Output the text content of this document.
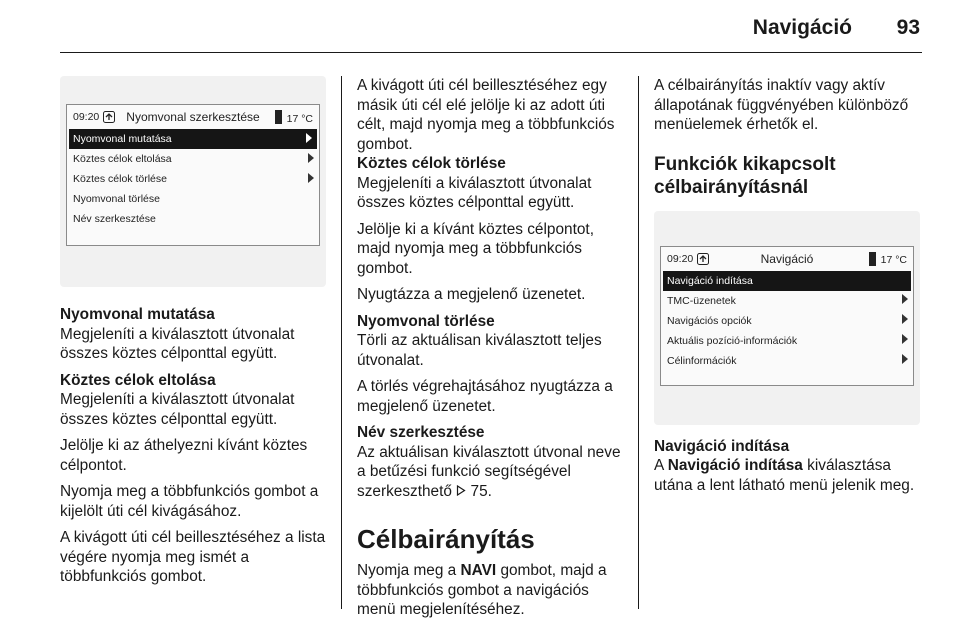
Navigáció 93
09:20	Nyomvonal szerkesztése	17 °C
Nyomvonal mutatása
Köztes célok eltolása
Köztes célok törlése
Nyomvonal törlése
Név szerkesztése

Nyomvonal mutatása

Megjeleníti a kiválasztott útvonalat összes köztes célponttal együtt.

Köztes célok eltolása

Megjeleníti a kiválasztott útvonalat összes köztes célponttal együtt.

Jelölje ki az áthelyezni kívánt köztes célpontot.

Nyomja meg a többfunkciós gombot a kijelölt úti cél kivágásához.

A kivágott úti cél beillesztéséhez a lista végére nyomja meg ismét a többfunkciós gombot.

A kivágott úti cél beillesztéséhez egy másik úti cél elé jelölje ki az adott úti célt, majd nyomja meg a többfunkciós gombot.

Köztes célok törlése

Megjeleníti a kiválasztott útvonalat összes köztes célponttal együtt.

Jelölje ki a kívánt köztes célpontot, majd nyomja meg a többfunkciós gombot.

Nyugtázza a megjelenő üzenetet.

Nyomvonal törlése

Törli az aktuálisan kiválasztott teljes útvonalat.

A törlés végrehajtásához nyugtázza a megjelenő üzenetet.

Név szerkesztése

Az aktuálisan kiválasztott útvonal neve a betűzési funkció segítségével szerkeszthető 75.

Célbairányítás

Nyomja meg a NAVI gombot, majd a többfunkciós gombot a navigációs menü megjelenítéséhez.

A célbairányítás inaktív vagy aktív állapotának függvényében különböző menüelemek érhetők el.

Funkciók kikapcsolt célbairányításnál
09:20	Navigáció	17 °C
Navigáció indítása
TMC-üzenetek
Navigációs opciók
Aktuális pozíció-információk
Célinformációk

Navigáció indítása

A Navigáció indítása kiválasztása utána a lent látható menü jelenik meg.
